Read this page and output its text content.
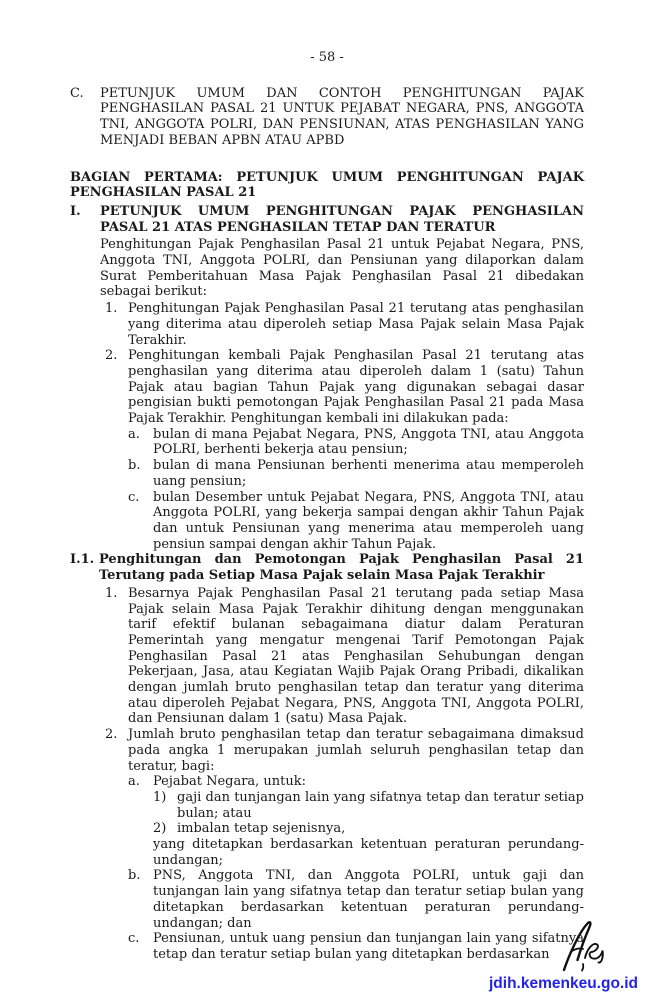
- 58 -
C. PETUNJUK UMUM DAN CONTOH PENGHITUNGAN PAJAK PENGHASILAN PASAL 21 UNTUK PEJABAT NEGARA, PNS, ANGGOTA TNI, ANGGOTA POLRI, DAN PENSIUNAN, ATAS PENGHASILAN YANG MENJADI BEBAN APBN ATAU APBD
BAGIAN PERTAMA: PETUNJUK UMUM PENGHITUNGAN PAJAK PENGHASILAN PASAL 21
I. PETUNJUK UMUM PENGHITUNGAN PAJAK PENGHASILAN PASAL 21 ATAS PENGHASILAN TETAP DAN TERATUR
Penghitungan Pajak Penghasilan Pasal 21 untuk Pejabat Negara, PNS, Anggota TNI, Anggota POLRI, dan Pensiunan yang dilaporkan dalam Surat Pemberitahuan Masa Pajak Penghasilan Pasal 21 dibedakan sebagai berikut:
1. Penghitungan Pajak Penghasilan Pasal 21 terutang atas penghasilan yang diterima atau diperoleh setiap Masa Pajak selain Masa Pajak Terakhir.
2. Penghitungan kembali Pajak Penghasilan Pasal 21 terutang atas penghasilan yang diterima atau diperoleh dalam 1 (satu) Tahun Pajak atau bagian Tahun Pajak yang digunakan sebagai dasar pengisian bukti pemotongan Pajak Penghasilan Pasal 21 pada Masa Pajak Terakhir. Penghitungan kembali ini dilakukan pada:
a. bulan di mana Pejabat Negara, PNS, Anggota TNI, atau Anggota POLRI, berhenti bekerja atau pensiun;
b. bulan di mana Pensiunan berhenti menerima atau memperoleh uang pensiun;
c. bulan Desember untuk Pejabat Negara, PNS, Anggota TNI, atau Anggota POLRI, yang bekerja sampai dengan akhir Tahun Pajak dan untuk Pensiunan yang menerima atau memperoleh uang pensiun sampai dengan akhir Tahun Pajak.
I.1. Penghitungan dan Pemotongan Pajak Penghasilan Pasal 21 Terutang pada Setiap Masa Pajak selain Masa Pajak Terakhir
1. Besarnya Pajak Penghasilan Pasal 21 terutang pada setiap Masa Pajak selain Masa Pajak Terakhir dihitung dengan menggunakan tarif efektif bulanan sebagaimana diatur dalam Peraturan Pemerintah yang mengatur mengenai Tarif Pemotongan Pajak Penghasilan Pasal 21 atas Penghasilan Sehubungan dengan Pekerjaan, Jasa, atau Kegiatan Wajib Pajak Orang Pribadi, dikalikan dengan jumlah bruto penghasilan tetap dan teratur yang diterima atau diperoleh Pejabat Negara, PNS, Anggota TNI, Anggota POLRI, dan Pensiunan dalam 1 (satu) Masa Pajak.
2. Jumlah bruto penghasilan tetap dan teratur sebagaimana dimaksud pada angka 1 merupakan jumlah seluruh penghasilan tetap dan teratur, bagi:
a. Pejabat Negara, untuk:
1) gaji dan tunjangan lain yang sifatnya tetap dan teratur setiap bulan; atau
2) imbalan tetap sejenisnya,
yang ditetapkan berdasarkan ketentuan peraturan perundang-undangan;
b. PNS, Anggota TNI, dan Anggota POLRI, untuk gaji dan tunjangan lain yang sifatnya tetap dan teratur setiap bulan yang ditetapkan berdasarkan ketentuan peraturan perundang-undangan; dan
c. Pensiunan, untuk uang pensiun dan tunjangan lain yang sifatnya tetap dan teratur setiap bulan yang ditetapkan berdasarkan
jdih.kemenkeu.go.id
